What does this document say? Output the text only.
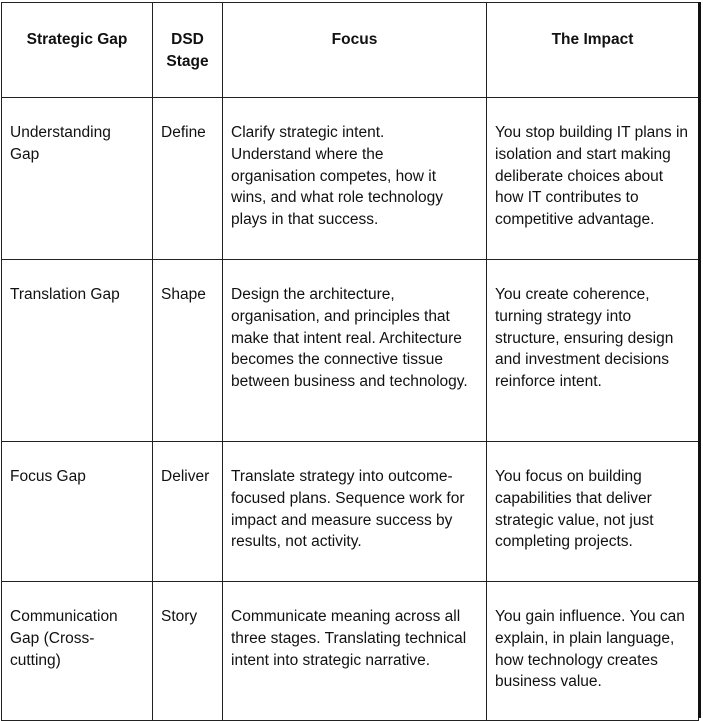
Strategic Gap	DSD Stage	Focus	The Impact

Understanding Gap	Define	Clarify strategic intent. Understand where the organisation competes, how it wins, and what role technology plays in that success.	You stop building IT plans in isolation and start making deliberate choices about how IT contributes to competitive advantage.

Translation Gap	Shape	Design the architecture, organisation, and principles that make that intent real. Architecture becomes the connective tissue between business and technology.	You create coherence, turning strategy into structure, ensuring design and investment decisions reinforce intent.

Focus Gap	Deliver	Translate strategy into outcome-focused plans. Sequence work for impact and measure success by results, not activity.	You focus on building capabilities that deliver strategic value, not just completing projects.

Communication Gap (Cross-cutting)	Story	Communicate meaning across all three stages. Translating technical intent into strategic narrative.	You gain influence. You can explain, in plain language, how technology creates business value.
